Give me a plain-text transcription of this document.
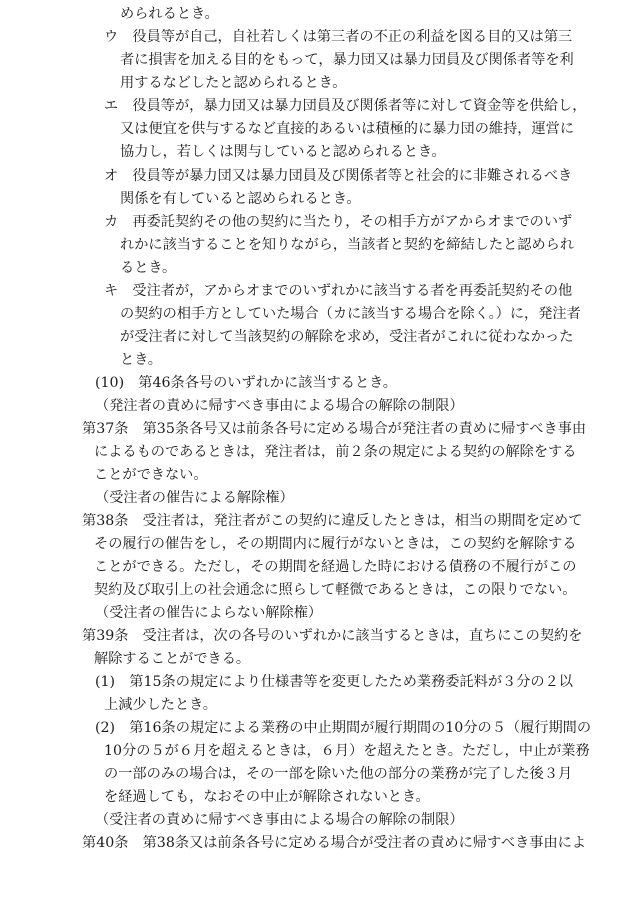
められるとき。
ウ　役員等が自己，自社若しくは第三者の不正の利益を図る目的又は第三
者に損害を加える目的をもって，暴力団又は暴力団員及び関係者等を利
用するなどしたと認められるとき。
エ　役員等が，暴力団又は暴力団員及び関係者等に対して資金等を供給し，
又は便宜を供与するなど直接的あるいは積極的に暴力団の維持，運営に
協力し，若しくは関与していると認められるとき。
オ　役員等が暴力団又は暴力団員及び関係者等と社会的に非難されるべき
関係を有していると認められるとき。
カ　再委託契約その他の契約に当たり，その相手方がアからオまでのいず
れかに該当することを知りながら，当該者と契約を締結したと認められ
るとき。
キ　受注者が，アからオまでのいずれかに該当する者を再委託契約その他
の契約の相手方としていた場合（カに該当する場合を除く。）に，発注者
が受注者に対して当該契約の解除を求め，受注者がこれに従わなかった
とき。
(10)　第46条各号のいずれかに該当するとき。
（発注者の責めに帰すべき事由による場合の解除の制限）
第37条　第35条各号又は前条各号に定める場合が発注者の責めに帰すべき事由
によるものであるときは，発注者は，前２条の規定による契約の解除をする
ことができない。
（受注者の催告による解除権）
第38条　受注者は，発注者がこの契約に違反したときは，相当の期間を定めて
その履行の催告をし，その期間内に履行がないときは，この契約を解除する
ことができる。ただし，その期間を経過した時における債務の不履行がこの
契約及び取引上の社会通念に照らして軽微であるときは，この限りでない。
（受注者の催告によらない解除権）
第39条　受注者は，次の各号のいずれかに該当するときは，直ちにこの契約を
解除することができる。
(1)　第15条の規定により仕様書等を変更したため業務委託料が３分の２以
上減少したとき。
(2)　第16条の規定による業務の中止期間が履行期間の10分の５（履行期間の
10分の５が６月を超えるときは，６月）を超えたとき。ただし，中止が業務
の一部のみの場合は，その一部を除いた他の部分の業務が完了した後３月
を経過しても，なおその中止が解除されないとき。
（受注者の責めに帰すべき事由による場合の解除の制限）
第40条　第38条又は前条各号に定める場合が受注者の責めに帰すべき事由によ
